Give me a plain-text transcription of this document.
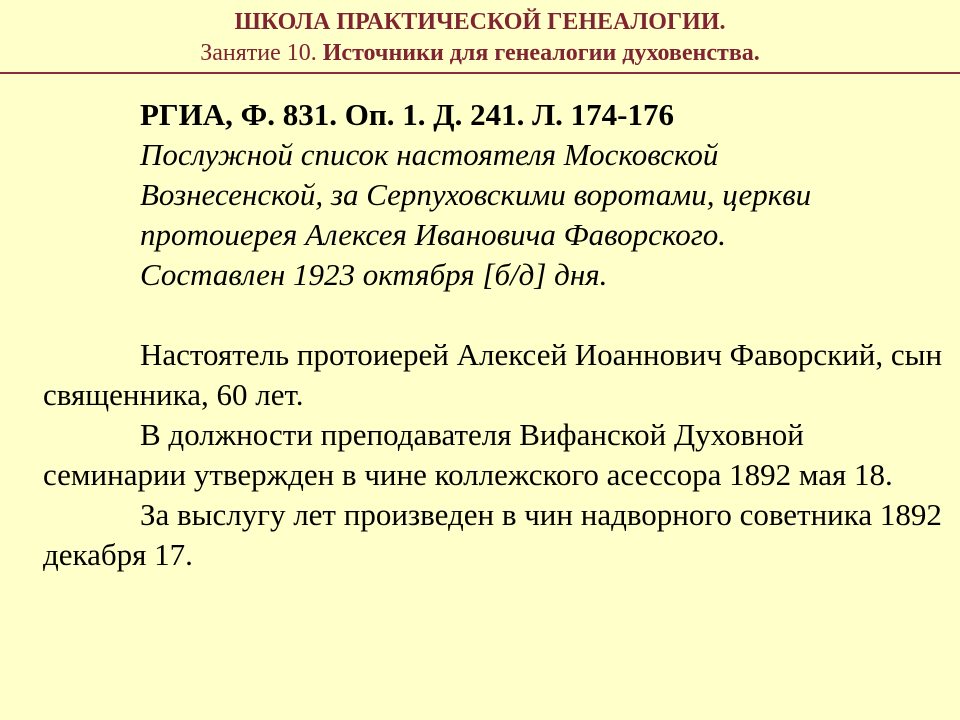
ШКОЛА ПРАКТИЧЕСКОЙ ГЕНЕАЛОГИИ.
Занятие 10. Источники для генеалогии духовенства.

РГИА, Ф. 831. Оп. 1. Д. 241. Л. 174-176

Послужной список настоятеля Московской
Вознесенской, за Серпуховскими воротами, церкви
протоиерея Алексея Ивановича Фаворского.
Составлен 1923 октября [б/д] дня.

Настоятель протоиерей Алексей Иоаннович Фаворский, сын священника, 60 лет.

В должности преподавателя Вифанской Духовной семинарии утвержден в чине коллежского асессора 1892 мая 18.

За выслугу лет произведен в чин надворного советника 1892 декабря 17.
